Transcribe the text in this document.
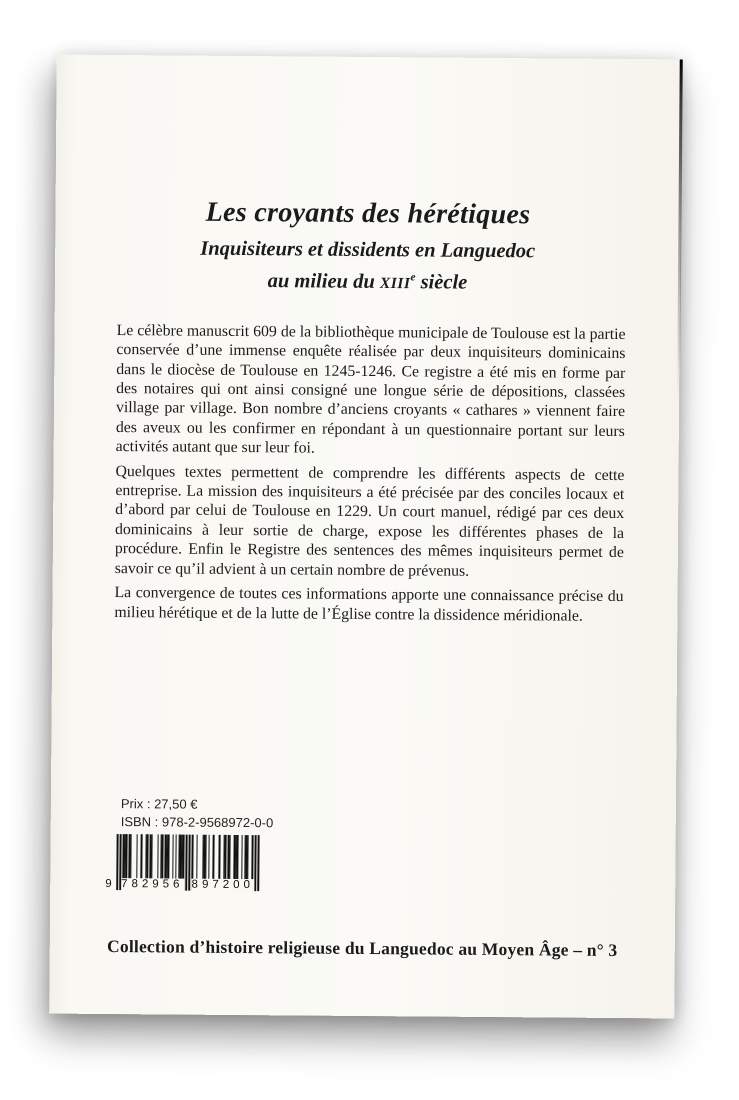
Les croyants des hérétiques
Inquisiteurs et dissidents en Languedoc
au milieu du XIIIe siècle

Le célèbre manuscrit 609 de la bibliothèque municipale de Toulouse est la partie conservée d’une immense enquête réalisée par deux inquisiteurs dominicains dans le diocèse de Toulouse en 1245-1246. Ce registre a été mis en forme par des notaires qui ont ainsi consigné une longue série de dépositions, classées village par village. Bon nombre d’anciens croyants « cathares » viennent faire des aveux ou les confirmer en répondant à un questionnaire portant sur leurs activités autant que sur leur foi.

Quelques textes permettent de comprendre les différents aspects de cette entreprise. La mission des inquisiteurs a été précisée par des conciles locaux et d’abord par celui de Toulouse en 1229. Un court manuel, rédigé par ces deux dominicains à leur sortie de charge, expose les différentes phases de la procédure. Enfin le Registre des sentences des mêmes inquisiteurs permet de savoir ce qu’il advient à un certain nombre de prévenus.

La convergence de toutes ces informations apporte une connaissance précise du milieu hérétique et de la lutte de l’Église contre la dissidence méridionale.

Prix : 27,50 €
ISBN : 978-2-9568972-0-0
9 782956 897200
Collection d’histoire religieuse du Languedoc au Moyen Âge – n° 3
